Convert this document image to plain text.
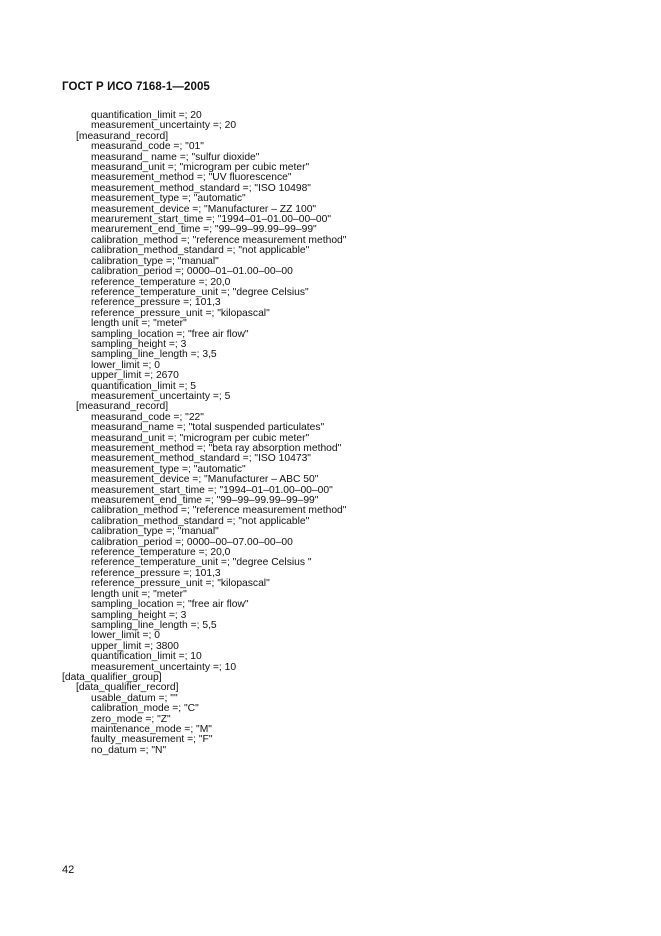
ГОСТ Р ИСО 7168-1—2005
quantification_limit =; 20
measurement_uncertainty =; 20
[measurand_record]
measurand_code =; "01"
measurand_ name =; "sulfur dioxide"
measurand_unit =; "microgram per cubic meter"
measurement_method =; "UV fluorescence"
measurement_method_standard =; "ISO 10498"
measurement_type =; "automatic"
measurement_device =; "Manufacturer – ZZ 100"
mearurement_start_time =; "1994–01–01.00–00–00"
mearurement_end_time =; "99–99–99.99–99–99"
calibration_method =; "reference measurement method"
calibration_method_standard =; "not applicable"
calibration_type =; "manual"
calibration_period =; 0000–01–01.00–00–00
reference_temperature =; 20,0
reference_temperature_unit =; "degree Celsius"
reference_pressure =; 101,3
reference_pressure_unit =; "kilopascal"
length unit =; "meter"
sampling_location =; "free air flow"
sampling_height =; 3
sampling_line_length =; 3,5
lower_limit =; 0
upper_limit =; 2670
quantification_limit =; 5
measurement_uncertainty =; 5
[measurand_record]
measurand_code =; "22"
measurand_name =; "total suspended particulates"
measurand_unit =; "microgram per cubic meter"
measurement_method =; "beta ray absorption method"
measurement_method_standard =; "ISO 10473"
measurement_type =; "automatic"
measurement_device =; "Manufacturer – ABC 50"
measurement_start_time =; "1994–01–01.00–00–00"
measurement_end_time =; "99–99–99.99–99–99"
calibration_method =; "reference measurement method"
calibration_method_standard =; "not applicable"
calibration_type =; "manual"
calibration_period =; 0000–00–07.00–00–00
reference_temperature =; 20,0
reference_temperature_unit =; "degree Celsius "
reference_pressure =; 101,3
reference_pressure_unit =; "kilopascal"
length unit =; "meter"
sampling_location =; "free air flow"
sampling_height =; 3
sampling_line_length =; 5,5
lower_limit =; 0
upper_limit =; 3800
quantification_limit =; 10
measurement_uncertainty =; 10
[data_qualifier_group]
[data_qualifier_record]
usable_datum =; ""
calibration_mode =; "C"
zero_mode =; "Z"
maintenance_mode =; "M"
faulty_measurement =; "F"
no_datum =; "N"
42
